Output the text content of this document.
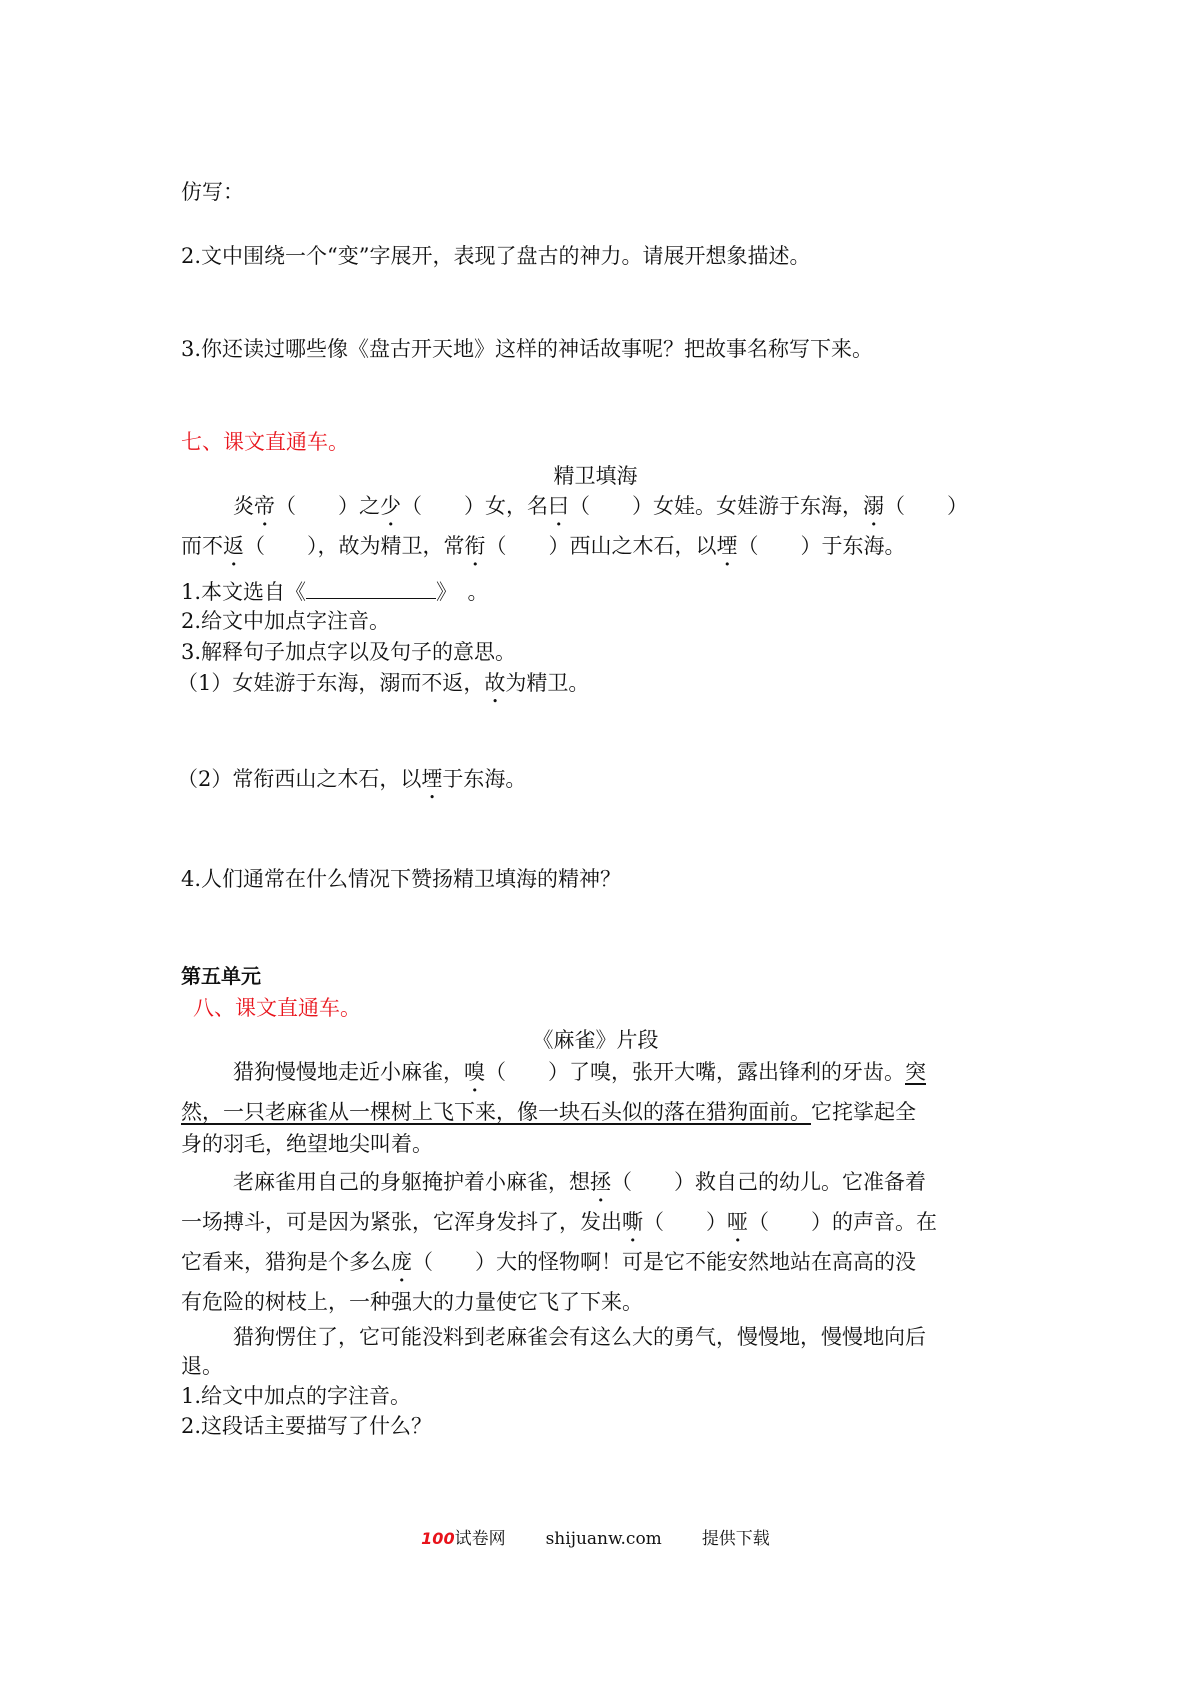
仿写：
2.文中围绕一个“变”字展开，表现了盘古的神力。请展开想象描述。
3.你还读过哪些像《盘古开天地》这样的神话故事呢？把故事名称写下来。
七、课文直通车。
精卫填海
炎帝（　　）之少（　　）女，名曰（　　）女娃。女娃游于东海，溺（　　）
而不返（　　），故为精卫，常衔（　　）西山之木石，以堙（　　）于东海。
1.本文选自《	》　。
2.给文中加点字注音。
3.解释句子加点字以及句子的意思。
（1）女娃游于东海，溺而不返，故为精卫。
（2）常衔西山之木石，以堙于东海。
4.人们通常在什么情况下赞扬精卫填海的精神？
第五单元
八、课文直通车。
《麻雀》片段
猎狗慢慢地走近小麻雀，嗅（　　）了嗅，张开大嘴，露出锋利的牙齿。突
然，一只老麻雀从一棵树上飞下来，像一块石头似的落在猎狗面前。它挓挲起全
身的羽毛，绝望地尖叫着。
老麻雀用自己的身躯掩护着小麻雀，想拯（　　）救自己的幼儿。它准备着
一场搏斗，可是因为紧张，它浑身发抖了，发出嘶（　　）哑（　　）的声音。在
它看来，猎狗是个多么庞（　　）大的怪物啊！可是它不能安然地站在高高的没
有危险的树枝上，一种强大的力量使它飞了下来。
猎狗愣住了，它可能没料到老麻雀会有这么大的勇气，慢慢地，慢慢地向后
退。
1.给文中加点的字注音。
2.这段话主要描写了什么？
100试卷网 shijuanw.com 提供下载
